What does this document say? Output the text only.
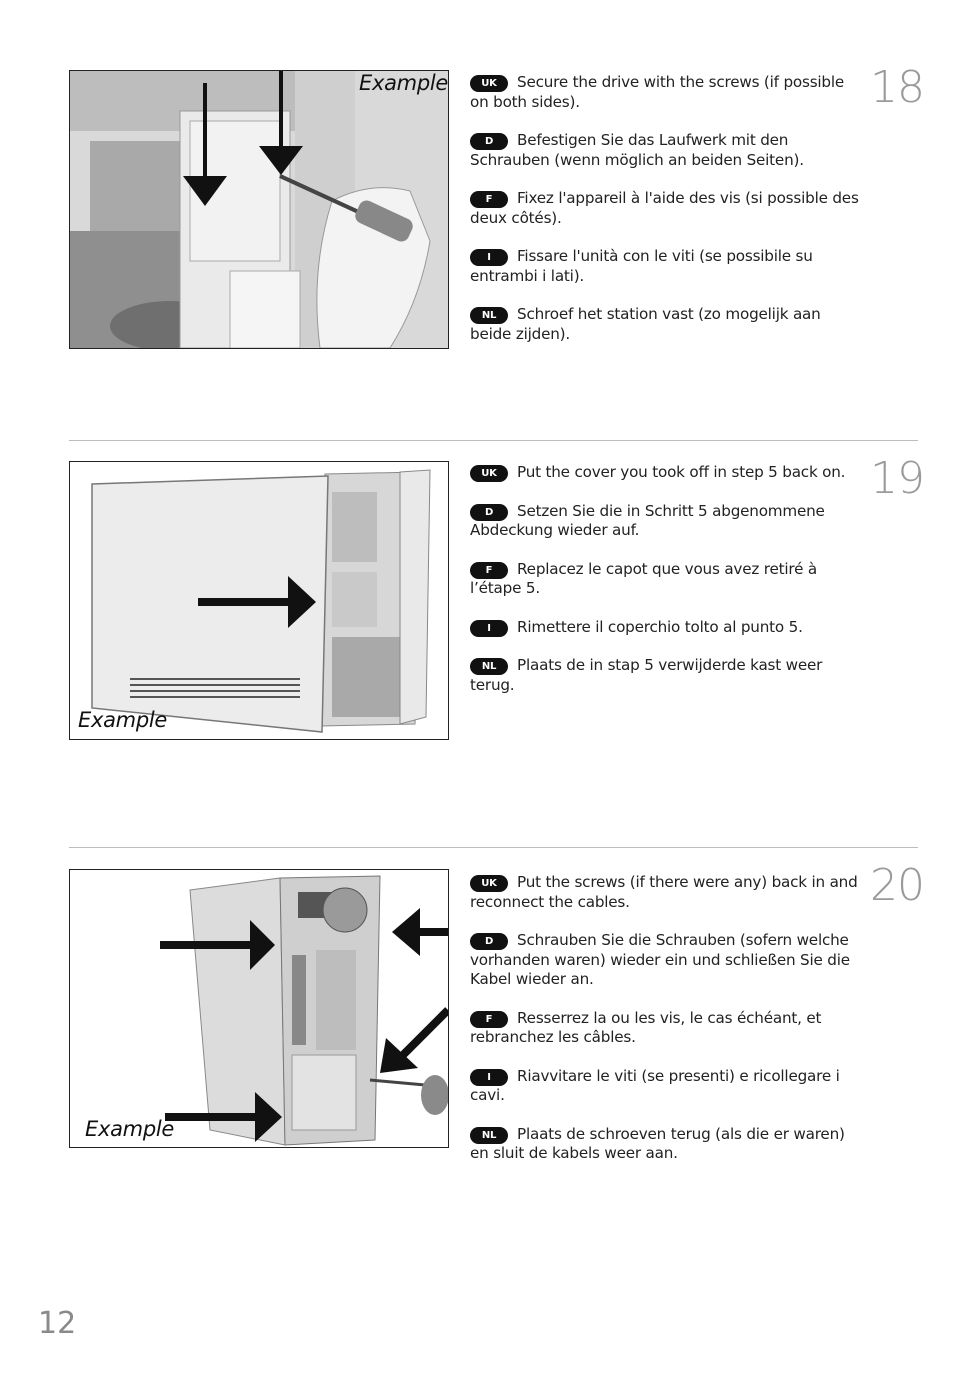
Example	UK Secure the drive with the screws (if possible on both sides).
D Befestigen Sie das Laufwerk mit den Schrauben (wenn möglich an beiden Seiten).
F Fixez l'appareil à l'aide des vis (si possible des deux côtés).
I Fissare l'unità con le viti (se possibile su entrambi i lati).
NL Schroef het station vast (zo mogelijk aan beide zijden).
18
Example
UK Put the cover you took off in step 5 back on.
D Setzen Sie die in Schritt 5 abgenommene Abdeckung wieder auf.
F Replacez le capot que vous avez retiré à l’étape 5.
I Rimettere il coperchio tolto al punto 5.
NL Plaats de in stap 5 verwijderde kast weer terug.
19
Example
UK Put the screws (if there were any) back in and reconnect the cables.
D Schrauben Sie die Schrauben (sofern welche vorhanden waren) wieder ein und schließen Sie die Kabel wieder an.
F Resserrez la ou les vis, le cas échéant, et rebranchez les câbles.
I Riavvitare le viti (se presenti) e ricollegare i cavi.
NL Plaats de schroeven terug (als die er waren) en sluit de kabels weer aan.
20
12
